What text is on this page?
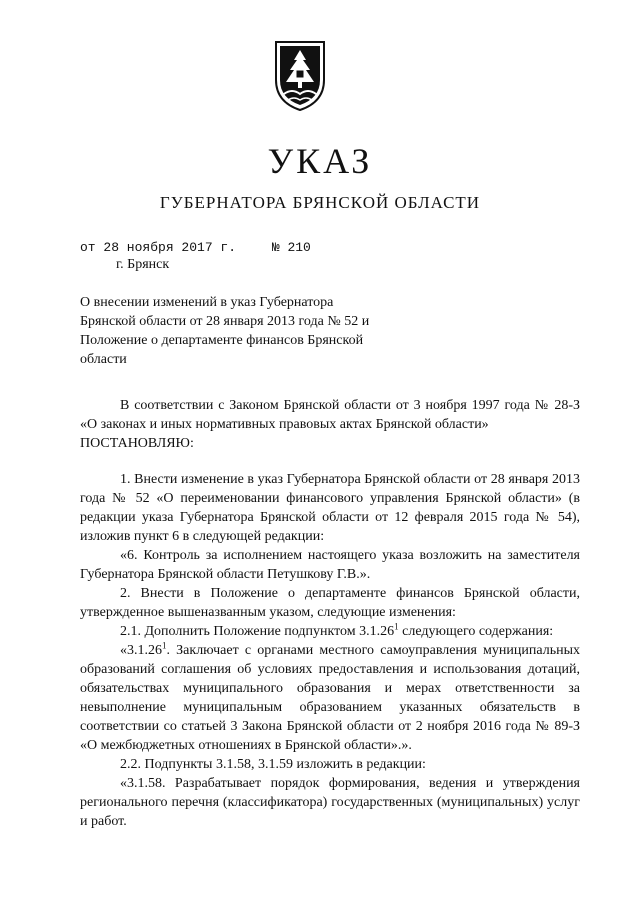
УКАЗ
ГУБЕРНАТОРА БРЯНСКОЙ ОБЛАСТИ
от 28 ноября 2017 г.	№ 210
г. Брянск
О внесении изменений в указ Губернатора Брянской области от 28 января 2013 года № 52 и Положение о департаменте финансов Брянской области

В соответствии с Законом Брянской области от 3 ноября 1997 года № 28-З «О законах и иных нормативных правовых актах Брянской области»

ПОСТАНОВЛЯЮ:

1. Внести изменение в указ Губернатора Брянской области от 28 января 2013 года № 52 «О переименовании финансового управления Брянской области» (в редакции указа Губернатора Брянской области от 12 февраля 2015 года № 54), изложив пункт 6 в следующей редакции:

«6. Контроль за исполнением настоящего указа возложить на заместителя Губернатора Брянской области Петушкову Г.В.».

2. Внести в Положение о департаменте финансов Брянской области, утвержденное вышеназванным указом, следующие изменения:

2.1. Дополнить Положение подпунктом 3.1.26$^1$ следующего содержания:

«3.1.26$^1$. Заключает с органами местного самоуправления муниципальных образований соглашения об условиях предоставления и использования дотаций, обязательствах муниципального образования и мерах ответственности за невыполнение муниципальным образованием указанных обязательств в соответствии со статьей 3 Закона Брянской области от 2 ноября 2016 года № 89-З «О межбюджетных отношениях в Брянской области».».

2.2. Подпункты 3.1.58, 3.1.59 изложить в редакции:

«3.1.58. Разрабатывает порядок формирования, ведения и утверждения регионального перечня (классификатора) государственных (муниципальных) услуг и работ.
